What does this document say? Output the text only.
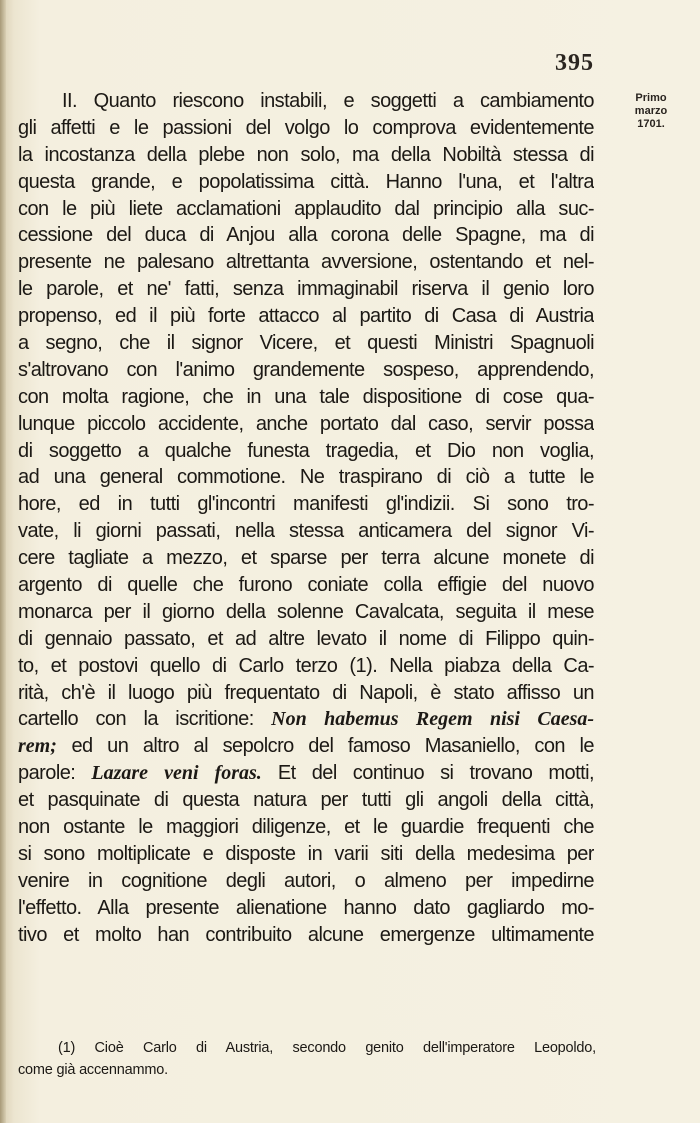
395
Primo
marzo
1701.
II. Quanto riescono instabili, e soggetti a cambiamento
gli affetti e le passioni del volgo lo comprova evidentemente
la incostanza della plebe non solo, ma della Nobiltà stessa di
questa grande, e popolatissima città. Hanno l'una, et l'altra
con le più liete acclamationi applaudito dal principio alla suc-
cessione del duca di Anjou alla corona delle Spagne, ma di
presente ne palesano altrettanta avversione, ostentando et nel-
le parole, et ne' fatti, senza immaginabil riserva il genio loro
propenso, ed il più forte attacco al partito di Casa di Austria
a segno, che il signor Vicere, et questi Ministri Spagnuoli
s'altrovano con l'animo grandemente sospeso, apprendendo,
con molta ragione, che in una tale dispositione di cose qua-
lunque piccolo accidente, anche portato dal caso, servir possa
di soggetto a qualche funesta tragedia, et Dio non voglia,
ad una general commotione. Ne traspirano di ciò a tutte le
hore, ed in tutti gl'incontri manifesti gl'indizii. Si sono tro-
vate, li giorni passati, nella stessa anticamera del signor Vi-
cere tagliate a mezzo, et sparse per terra alcune monete di
argento di quelle che furono coniate colla effigie del nuovo
monarca per il giorno della solenne Cavalcata, seguita il mese
di gennaio passato, et ad altre levato il nome di Filippo quin-
to, et postovi quello di Carlo terzo (1). Nella piabza della Ca-
rità, ch'è il luogo più frequentato di Napoli, è stato affisso un
cartello con la iscritione: Non habemus Regem nisi Caesa-
rem; ed un altro al sepolcro del famoso Masaniello, con le
parole: Lazare veni foras. Et del continuo si trovano motti,
et pasquinate di questa natura per tutti gli angoli della città,
non ostante le maggiori diligenze, et le guardie frequenti che
si sono moltiplicate e disposte in varii siti della medesima per
venire in cognitione degli autori, o almeno per impedirne
l'effetto. Alla presente alienatione hanno dato gagliardo mo-
tivo et molto han contribuito alcune emergenze ultimamente
(1) Cioè Carlo di Austria, secondo genito dell'imperatore Leopoldo,
come già accennammo.
